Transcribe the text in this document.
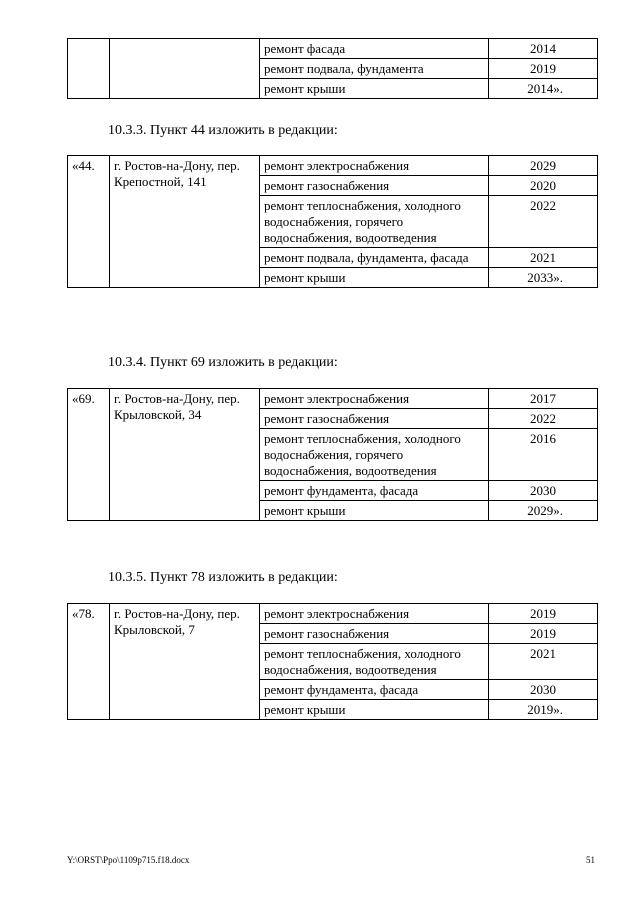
		ремонт фасада	2014
		ремонт подвала, фундамента	2019
		ремонт крыши	2014».
10.3.3. Пункт 44 изложить в редакции:
«44.	г. Ростов-на-Дону, пер. Крепостной, 141	ремонт электроснабжения	2029
		ремонт газоснабжения	2020
		ремонт теплоснабжения, холодного водоснабжения, горячего водоснабжения, водоотведения	2022
		ремонт подвала, фундамента, фасада	2021
		ремонт крыши	2033».
10.3.4. Пункт 69 изложить в редакции:
«69.	г. Ростов-на-Дону, пер. Крыловской, 34	ремонт электроснабжения	2017
		ремонт газоснабжения	2022
		ремонт теплоснабжения, холодного водоснабжения, горячего водоснабжения, водоотведения	2016
		ремонт фундамента, фасада	2030
		ремонт крыши	2029».
10.3.5. Пункт 78 изложить в редакции:
«78.	г. Ростов-на-Дону, пер. Крыловской, 7	ремонт электроснабжения	2019
		ремонт газоснабжения	2019
		ремонт теплоснабжения, холодного водоснабжения, водоотведения	2021
		ремонт фундамента, фасада	2030
		ремонт крыши	2019».
Y:\ORST\Ppo\1109p715.f18.docx	51
